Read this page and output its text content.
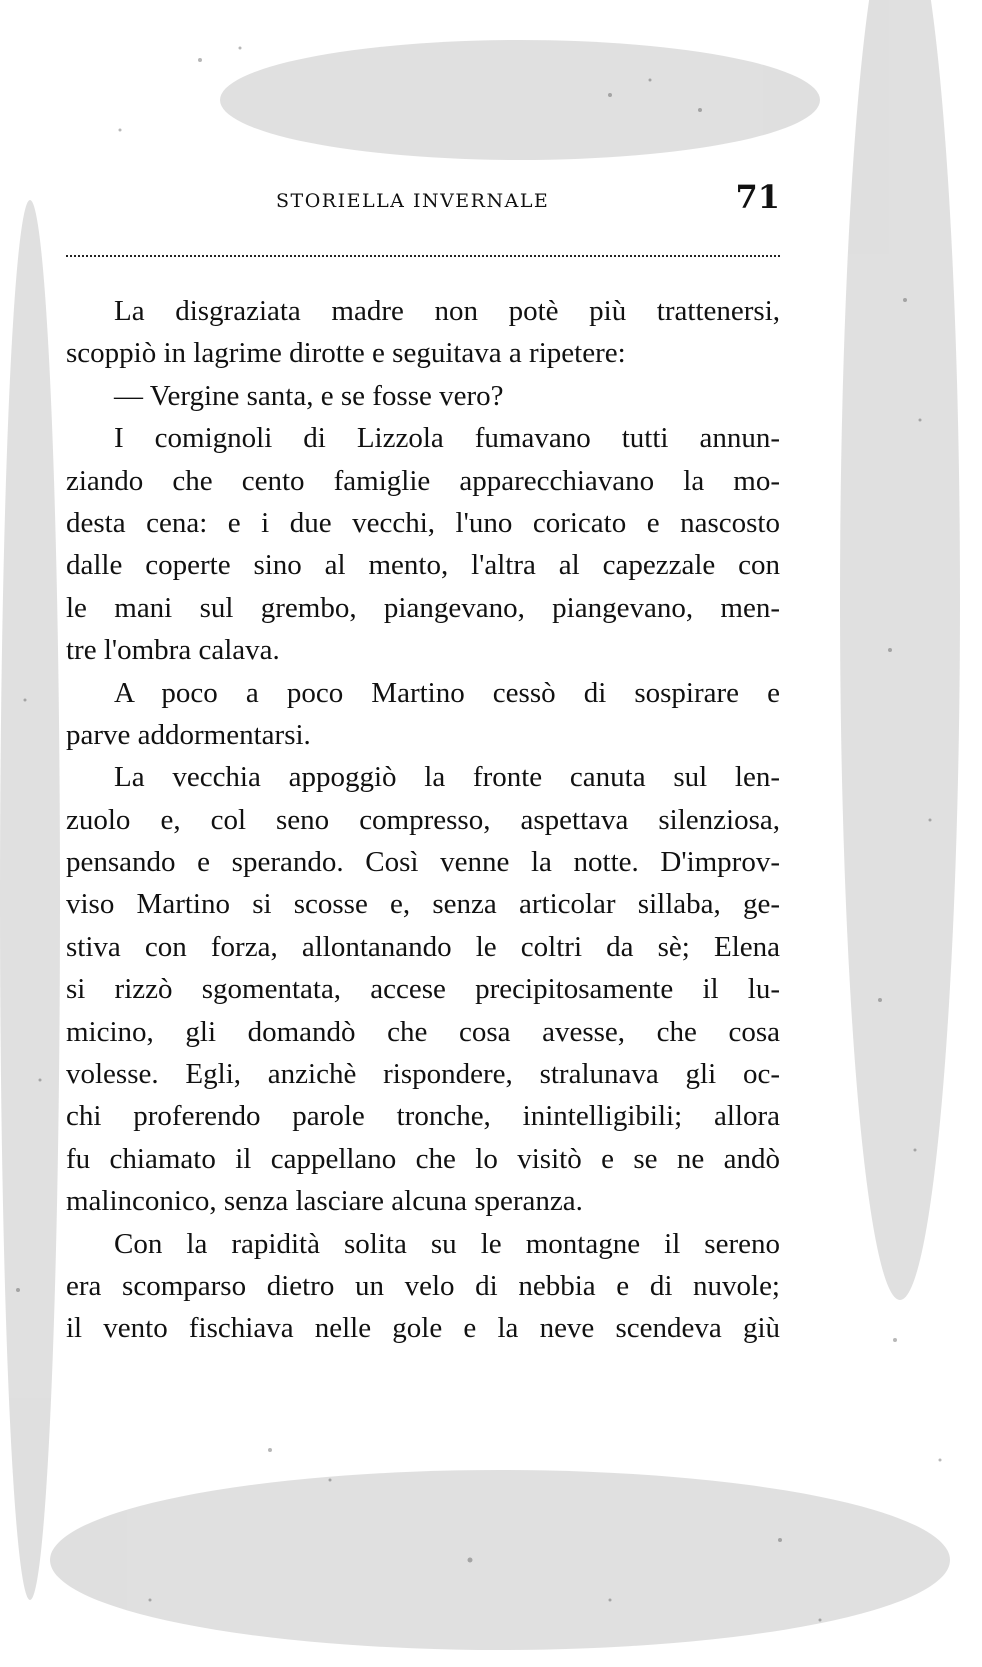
STORIELLA INVERNALE	71
La disgraziata madre non potè più trattenersi,
scoppiò in lagrime dirotte e seguitava a ripetere:
— Vergine santa, e se fosse vero?
I comignoli di Lizzola fumavano tutti annun-
ziando che cento famiglie apparecchiavano la mo-
desta cena: e i due vecchi, l'uno coricato e nascosto
dalle coperte sino al mento, l'altra al capezzale con
le mani sul grembo, piangevano, piangevano, men-
tre l'ombra calava.
A poco a poco Martino cessò di sospirare e
parve addormentarsi.
La vecchia appoggiò la fronte canuta sul len-
zuolo e, col seno compresso, aspettava silenziosa,
pensando e sperando. Così venne la notte. D'improv-
viso Martino si scosse e, senza articolar sillaba, ge-
stiva con forza, allontanando le coltri da sè; Elena
si rizzò sgomentata, accese precipitosamente il lu-
micino, gli domandò che cosa avesse, che cosa
volesse. Egli, anzichè rispondere, stralunava gli oc-
chi proferendo parole tronche, inintelligibili; allora
fu chiamato il cappellano che lo visitò e se ne andò
malinconico, senza lasciare alcuna speranza.
Con la rapidità solita su le montagne il sereno
era scomparso dietro un velo di nebbia e di nuvole;
il vento fischiava nelle gole e la neve scendeva giù
